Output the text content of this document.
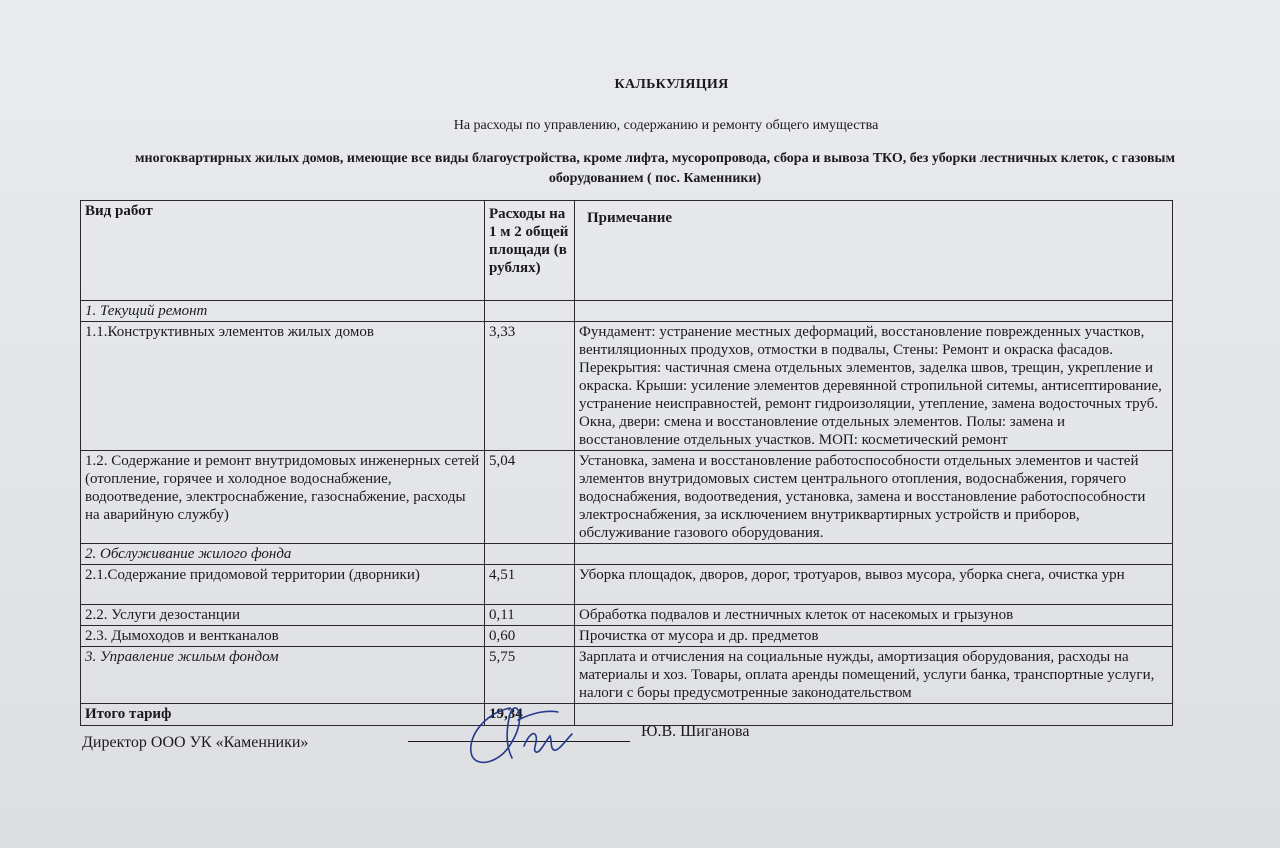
КАЛЬКУЛЯЦИЯ
На расходы по управлению, содержанию и ремонту общего имущества
многоквартирных жилых домов, имеющие все виды благоустройства, кроме лифта, мусоропровода, сбора и вывоза ТКО, без уборки лестничных клеток, с газовым оборудованием ( пос. Каменники)
Вид работ	Расходы на 1 м 2 общей площади (в рублях)	Примечание
1. Текущий ремонт		
1.1.Конструктивных элементов жилых домов	3,33	Фундамент: устранение местных деформаций, восстановление поврежденных участков, вентиляционных продухов, отмостки в подвалы, Стены: Ремонт и окраска фасадов. Перекрытия: частичная смена отдельных элементов, заделка швов, трещин, укрепление и окраска. Крыши: усиление элементов деревянной стропильной ситемы, антисептирование, устранение неисправностей, ремонт гидроизоляции, утепление, замена водосточных труб. Окна, двери: смена и восстановление отдельных элементов. Полы: замена и восстановление отдельных участков. МОП: косметический ремонт
1.2. Содержание и ремонт внутридомовых инженерных сетей (отопление, горячее и холодное водоснабжение, водоотведение, электроснабжение, газоснабжение, расходы на аварийную службу)	5,04	Установка, замена и восстановление работоспособности отдельных элементов и частей элементов внутридомовых систем центрального отопления, водоснабжения, горячего водоснабжения, водоотведения, установка, замена и восстановление работоспособности электроснабжения, за исключением внутриквартирных устройств и приборов, обслуживание газового оборудования.
2. Обслуживание жилого фонда		
2.1.Содержание придомовой территории (дворники)	4,51	Уборка площадок, дворов, дорог, тротуаров, вывоз мусора, уборка снега, очистка урн
2.2. Услуги дезостанции	0,11	Обработка подвалов и лестничных клеток от насекомых и грызунов
2.3. Дымоходов и вентканалов	0,60	Прочистка от мусора и др. предметов
3. Управление жилым фондом	5,75	Зарплата и отчисления на социальные нужды, амортизация оборудования, расходы на материалы и хоз. Товары, оплата аренды помещений, услуги банка, транспортные услуги, налоги с боры предусмотренные законодательством
Итого тариф	19,34	
Директор ООО УК «Каменники»
Ю.В. Шиганова
